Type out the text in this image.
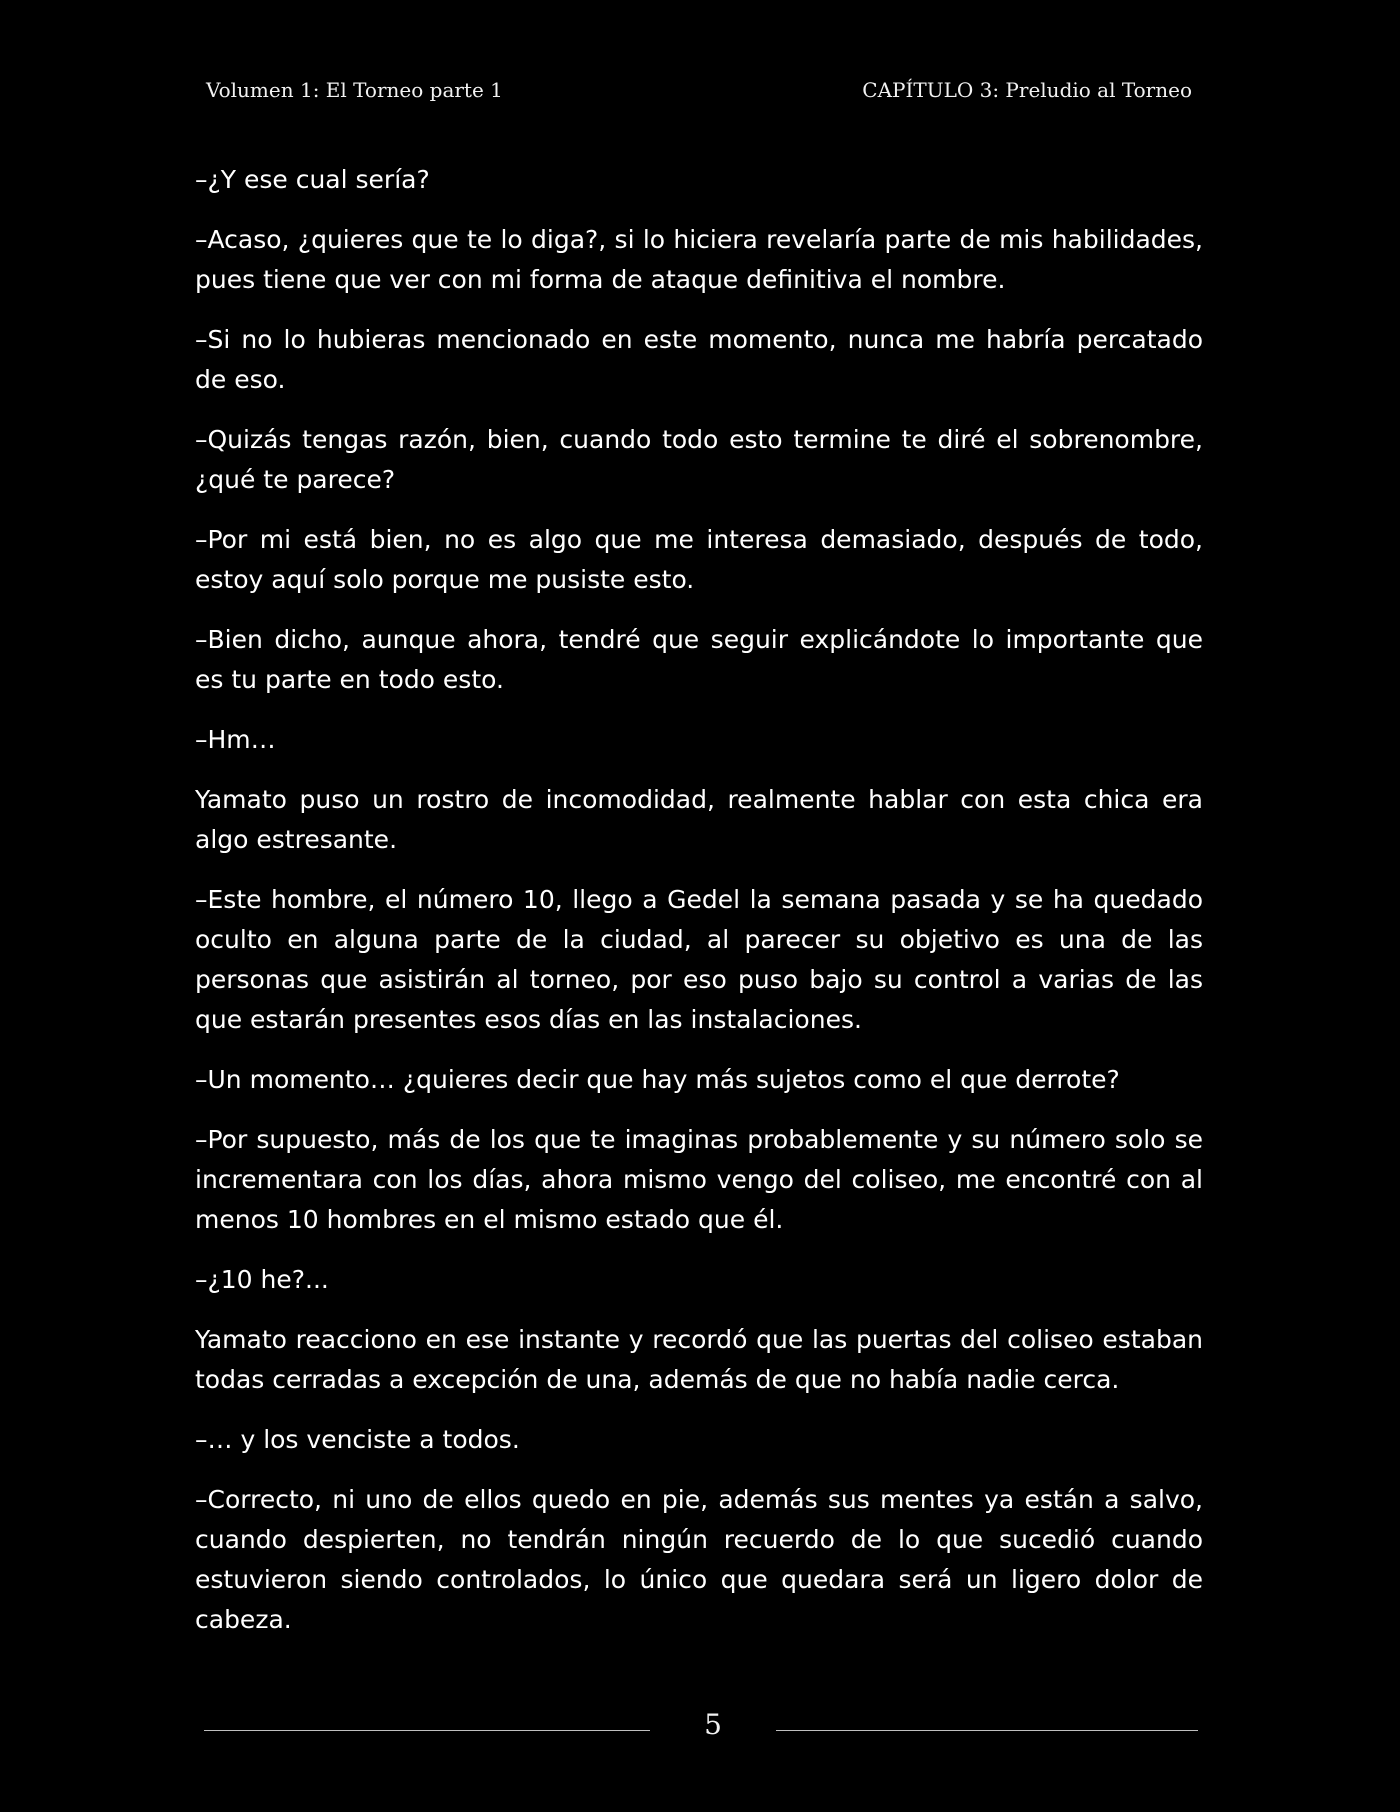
Volumen 1: El Torneo parte 1	CAPÍTULO 3: Preludio al Torneo

–¿Y ese cual sería?

–Acaso, ¿quieres que te lo diga?, si lo hiciera revelaría parte de mis habilidades, pues tiene que ver con mi forma de ataque definitiva el nombre.

–Si no lo hubieras mencionado en este momento, nunca me habría percatado de eso.

–Quizás tengas razón, bien, cuando todo esto termine te diré el sobrenombre, ¿qué te parece?

–Por mi está bien, no es algo que me interesa demasiado, después de todo, estoy aquí solo porque me pusiste esto.

–Bien dicho, aunque ahora, tendré que seguir explicándote lo importante que es tu parte en todo esto.

–Hm…

Yamato puso un rostro de incomodidad, realmente hablar con esta chica era algo estresante.

–Este hombre, el número 10, llego a Gedel la semana pasada y se ha quedado oculto en alguna parte de la ciudad, al parecer su objetivo es una de las personas que asistirán al torneo, por eso puso bajo su control a varias de las que estarán presentes esos días en las instalaciones.

–Un momento… ¿quieres decir que hay más sujetos como el que derrote?

–Por supuesto, más de los que te imaginas probablemente y su número solo se incrementara con los días, ahora mismo vengo del coliseo, me encontré con al menos 10 hombres en el mismo estado que él.

–¿10 he?...

Yamato reacciono en ese instante y recordó que las puertas del coliseo estaban todas cerradas a excepción de una, además de que no había nadie cerca.

–… y los venciste a todos.

–Correcto, ni uno de ellos quedo en pie, además sus mentes ya están a salvo, cuando despierten, no tendrán ningún recuerdo de lo que sucedió cuando estuvieron siendo controlados, lo único que quedara será un ligero dolor de cabeza.

5
